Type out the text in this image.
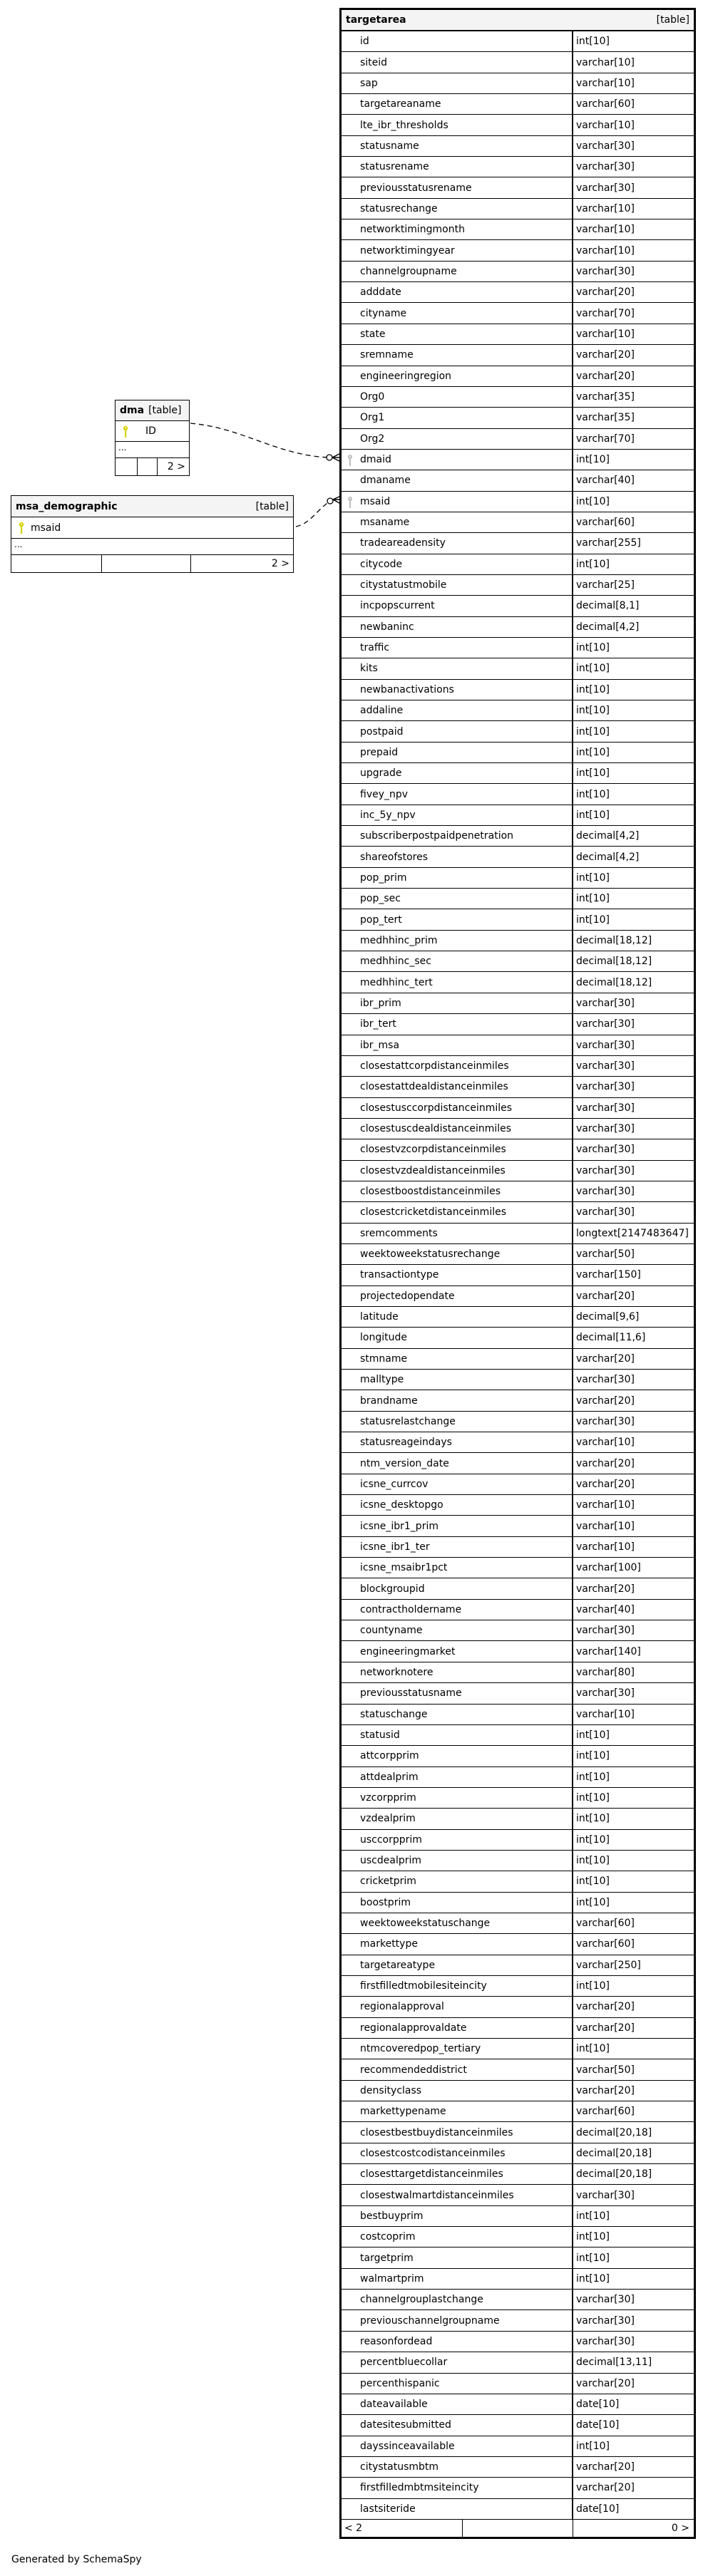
targetarea	[table]
id	int[10]
siteid	varchar[10]
sap	varchar[10]
targetareaname	varchar[60]
lte_ibr_thresholds	varchar[10]
statusname	varchar[30]
statusrename	varchar[30]
previousstatusrename	varchar[30]
statusrechange	varchar[10]
networktimingmonth	varchar[10]
networktimingyear	varchar[10]
channelgroupname	varchar[30]
adddate	varchar[20]
cityname	varchar[70]
state	varchar[10]
sremname	varchar[20]
engineeringregion	varchar[20]
Org0	varchar[35]
Org1	varchar[35]
Org2	varchar[70]
dmaid	int[10]
dmaname	varchar[40]
msaid	int[10]
msaname	varchar[60]
tradeareadensity	varchar[255]
citycode	int[10]
citystatustmobile	varchar[25]
incpopscurrent	decimal[8,1]
newbaninc	decimal[4,2]
traffic	int[10]
kits	int[10]
newbanactivations	int[10]
addaline	int[10]
postpaid	int[10]
prepaid	int[10]
upgrade	int[10]
fivey_npv	int[10]
inc_5y_npv	int[10]
subscriberpostpaidpenetration	decimal[4,2]
shareofstores	decimal[4,2]
pop_prim	int[10]
pop_sec	int[10]
pop_tert	int[10]
medhhinc_prim	decimal[18,12]
medhhinc_sec	decimal[18,12]
medhhinc_tert	decimal[18,12]
ibr_prim	varchar[30]
ibr_tert	varchar[30]
ibr_msa	varchar[30]
closestattcorpdistanceinmiles	varchar[30]
closestattdealdistanceinmiles	varchar[30]
closestusccorpdistanceinmiles	varchar[30]
closestuscdealdistanceinmiles	varchar[30]
closestvzcorpdistanceinmiles	varchar[30]
closestvzdealdistanceinmiles	varchar[30]
closestboostdistanceinmiles	varchar[30]
closestcricketdistanceinmiles	varchar[30]
sremcomments	longtext[2147483647]
weektoweekstatusrechange	varchar[50]
transactiontype	varchar[150]
projectedopendate	varchar[20]
latitude	decimal[9,6]
longitude	decimal[11,6]
stmname	varchar[20]
malltype	varchar[30]
brandname	varchar[20]
statusrelastchange	varchar[30]
statusreageindays	varchar[10]
ntm_version_date	varchar[20]
icsne_currcov	varchar[20]
icsne_desktopgo	varchar[10]
icsne_ibr1_prim	varchar[10]
icsne_ibr1_ter	varchar[10]
icsne_msaibr1pct	varchar[100]
blockgroupid	varchar[20]
contractholdername	varchar[40]
countyname	varchar[30]
engineeringmarket	varchar[140]
networknotere	varchar[80]
previousstatusname	varchar[30]
statuschange	varchar[10]
statusid	int[10]
attcorpprim	int[10]
attdealprim	int[10]
vzcorpprim	int[10]
vzdealprim	int[10]
usccorpprim	int[10]
uscdealprim	int[10]
cricketprim	int[10]
boostprim	int[10]
weektoweekstatuschange	varchar[60]
markettype	varchar[60]
targetareatype	varchar[250]
firstfilledtmobilesiteincity	int[10]
regionalapproval	varchar[20]
regionalapprovaldate	varchar[20]
ntmcoveredpop_tertiary	int[10]
recommendeddistrict	varchar[50]
densityclass	varchar[20]
markettypename	varchar[60]
closestbestbuydistanceinmiles	decimal[20,18]
closestcostcodistanceinmiles	decimal[20,18]
closesttargetdistanceinmiles	decimal[20,18]
closestwalmartdistanceinmiles	varchar[30]
bestbuyprim	int[10]
costcoprim	int[10]
targetprim	int[10]
walmartprim	int[10]
channelgrouplastchange	varchar[30]
previouschannelgroupname	varchar[30]
reasonfordead	varchar[30]
percentbluecollar	decimal[13,11]
percenthispanic	varchar[20]
dateavailable	date[10]
datesitesubmitted	date[10]
dayssinceavailable	int[10]
citystatusmbtm	varchar[20]
firstfilledmbtmsiteincity	varchar[20]
lastsiteride	date[10]
< 2	0 >
dma [table]
ID
...
2 >
msa_demographic	[table]
msaid
...
2 >
Generated by SchemaSpy
